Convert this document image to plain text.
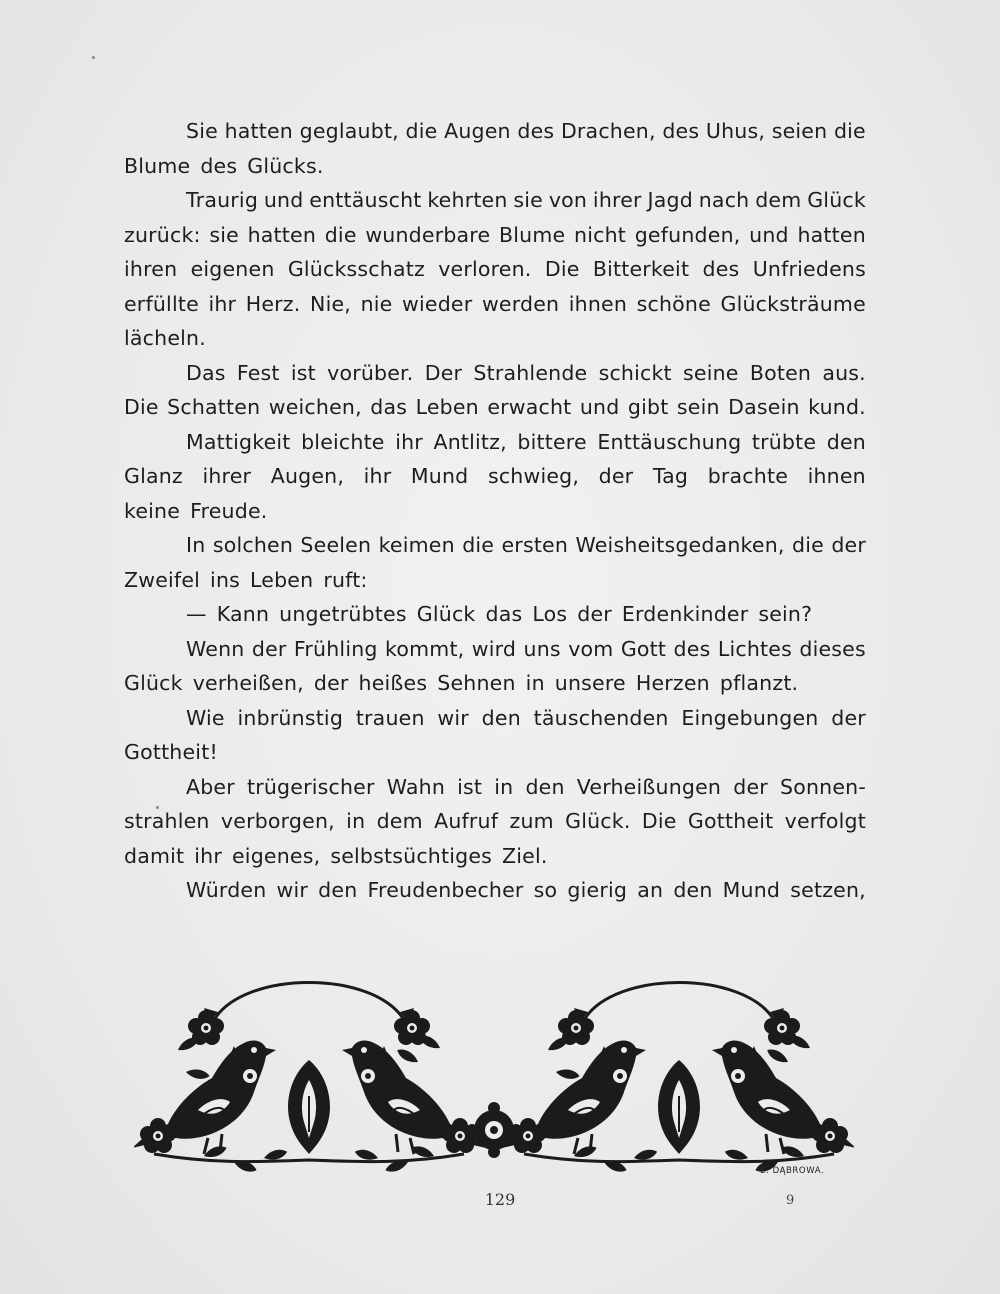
Sie hatten geglaubt, die Augen des Drachen, des Uhus, seien die
Blume des Glücks.
Traurig und enttäuscht kehrten sie von ihrer Jagd nach dem Glück
zurück: sie hatten die wunderbare Blume nicht gefunden, und hatten
ihren eigenen Glücksschatz verloren. Die Bitterkeit des Unfriedens
erfüllte ihr Herz. Nie, nie wieder werden ihnen schöne Glücksträume
lächeln.
Das Fest ist vorüber. Der Strahlende schickt seine Boten aus.
Die Schatten weichen, das Leben erwacht und gibt sein Dasein kund.
Mattigkeit bleichte ihr Antlitz, bittere Enttäuschung trübte den
Glanz ihrer Augen, ihr Mund schwieg, der Tag brachte ihnen
keine Freude.
In solchen Seelen keimen die ersten Weisheitsgedanken, die der
Zweifel ins Leben ruft:
— Kann ungetrübtes Glück das Los der Erdenkinder sein?
Wenn der Frühling kommt, wird uns vom Gott des Lichtes dieses
Glück verheißen, der heißes Sehnen in unsere Herzen pflanzt.
Wie inbrünstig trauen wir den täuschenden Eingebungen der
Gottheit!
Aber trügerischer Wahn ist in den Verheißungen der Sonnen-
strahlen verborgen, in dem Aufruf zum Glück. Die Gottheit verfolgt
damit ihr eigenes, selbstsüchtiges Ziel.
Würden wir den Freudenbecher so gierig an den Mund setzen,
E. DĄBROWA.
129	9
